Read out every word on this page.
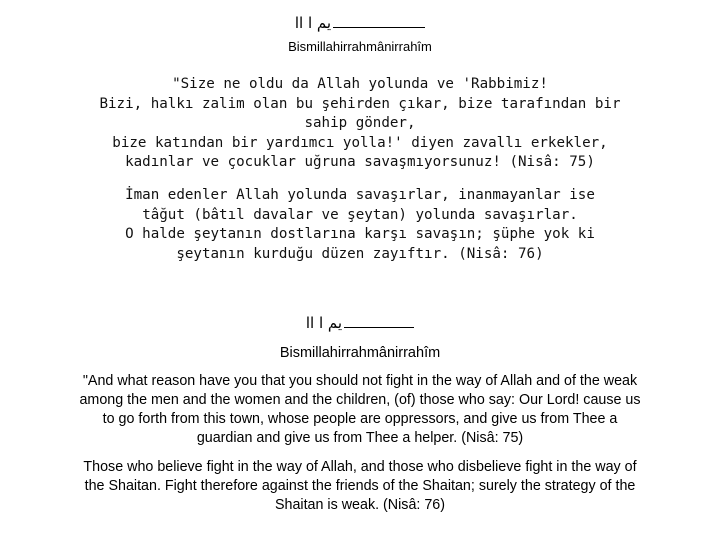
يم ا اا
Bismillahirrahmânirrahîm
"Size ne oldu da Allah yolunda ve 'Rabbimiz!
Bizi, halkı zalim olan bu şehirden çıkar, bize tarafından bir
sahip gönder,
bize katından bir yardımcı yolla!' diyen zavallı erkekler,
kadınlar ve çocuklar uğruna savaşmıyorsunuz! (Nisâ: 75)
İman edenler Allah yolunda savaşırlar, inanmayanlar ise
tâğut (bâtıl davalar ve şeytan) yolunda savaşırlar.
O halde şeytanın dostlarına karşı savaşın; şüphe yok ki
şeytanın kurduğu düzen zayıftır. (Nisâ: 76)
يم ا اا
Bismillahirrahmânirrahîm
"And what reason have you that you should not fight in the way of Allah and of the weak
among the men and the women and the children, (of) those who say: Our Lord! cause us
to go forth from this town, whose people are oppressors, and give us from Thee a
guardian and give us from Thee a helper. (Nisâ: 75)
Those who believe fight in the way of Allah, and those who disbelieve fight in the way of
the Shaitan. Fight therefore against the friends of the Shaitan; surely the strategy of the
Shaitan is weak. (Nisâ: 76)
